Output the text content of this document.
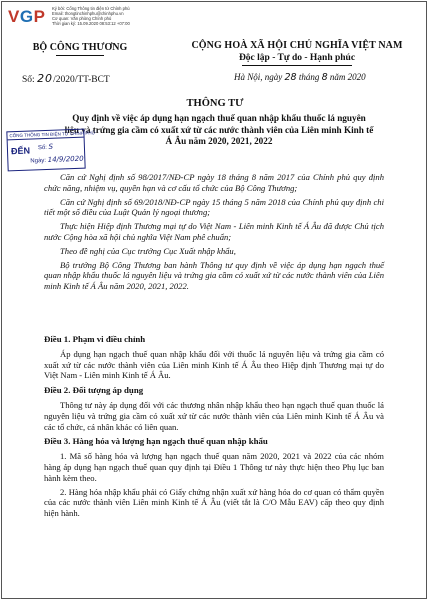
VGP Ký bởi: Cổng Thông tin điện tử Chính phủ
Email: thongtinchinhphu@chinhphu.vn
Cơ quan: Văn phòng Chính phủ
Thời gian ký: 15.09.2020 08:53:12 +07:00
BỘ CÔNG THƯƠNG	CỘNG HOÀ XÃ HỘI CHỦ NGHĨA VIỆT NAM
Độc lập - Tự do - Hạnh phúc
Số: 20/2020/TT-BCT	Hà Nội, ngày 28 tháng 8 năm 2020
THÔNG TƯ
Quy định về việc áp dụng hạn ngạch thuế quan nhập khẩu thuốc lá nguyên liệu và trứng gia cầm có xuất xứ từ các nước thành viên của Liên minh Kinh tế Á Âu năm 2020, 2021, 2022
CỔNG THÔNG TIN ĐIỆN TỬ CHÍNH PHỦ
ĐẾN Số: S
Ngày: 14/9/2020

Căn cứ Nghị định số 98/2017/NĐ-CP ngày 18 tháng 8 năm 2017 của Chính phủ quy định chức năng, nhiệm vụ, quyền hạn và cơ cấu tổ chức của Bộ Công Thương;

Căn cứ Nghị định số 69/2018/NĐ-CP ngày 15 tháng 5 năm 2018 của Chính phủ quy định chi tiết một số điều của Luật Quản lý ngoại thương;

Thực hiện Hiệp định Thương mại tự do Việt Nam - Liên minh Kinh tế Á Âu đã được Chủ tịch nước Cộng hòa xã hội chủ nghĩa Việt Nam phê chuẩn;

Theo đề nghị của Cục trưởng Cục Xuất nhập khẩu,

Bộ trưởng Bộ Công Thương ban hành Thông tư quy định về việc áp dụng hạn ngạch thuế quan nhập khẩu thuốc lá nguyên liệu và trứng gia cầm có xuất xứ từ các nước thành viên của Liên minh Kinh tế Á Âu năm 2020, 2021, 2022.

Điều 1. Phạm vi điều chỉnh

Áp dụng hạn ngạch thuế quan nhập khẩu đối với thuốc lá nguyên liệu và trứng gia cầm có xuất xứ từ các nước thành viên của Liên minh Kinh tế Á Âu theo Hiệp định Thương mại tự do Việt Nam - Liên minh Kinh tế Á Âu.

Điều 2. Đối tượng áp dụng

Thông tư này áp dụng đối với các thương nhân nhập khẩu theo hạn ngạch thuế quan thuốc lá nguyên liệu và trứng gia cầm có xuất xứ từ các nước thành viên của Liên minh Kinh tế Á Âu và các tổ chức, cá nhân khác có liên quan.

Điều 3. Hàng hóa và lượng hạn ngạch thuế quan nhập khẩu

1. Mã số hàng hóa và lượng hạn ngạch thuế quan năm 2020, 2021 và 2022 của các nhóm hàng áp dụng hạn ngạch thuế quan quy định tại Điều 1 Thông tư này thực hiện theo Phụ lục ban hành kèm theo.

2. Hàng hóa nhập khẩu phải có Giấy chứng nhận xuất xứ hàng hóa do cơ quan có thẩm quyền của các nước thành viên Liên minh Kinh tế Á Âu (viết tắt là C/O Mẫu EAV) cấp theo quy định hiện hành.
